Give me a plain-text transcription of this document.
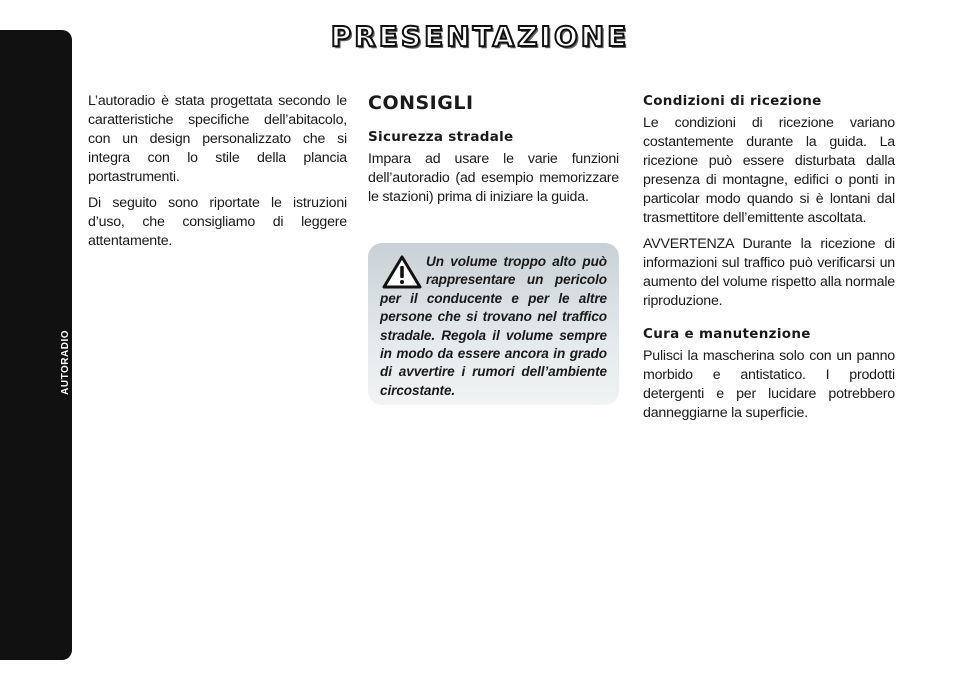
AUTORADIO
248
PRESENTAZIONE

L’autoradio è stata progettata secondo le caratteristiche specifiche dell’abitacolo, con un design personalizzato che si integra con lo stile della plancia portastrumenti.

Di seguito sono riportate le istruzioni d’uso, che consigliamo di leggere attentamente.

CONSIGLI
Sicurezza stradale

Impara ad usare le varie funzioni dell’autoradio (ad esempio memorizzare le stazioni) prima di iniziare la guida.

Un volume troppo alto può rappresentare un pericolo per il conducente e per le altre persone che si trovano nel traffico stradale. Regola il volume sempre in modo da essere ancora in grado di avvertire i rumori dell’ambiente circostante.
Condizioni di ricezione

Le condizioni di ricezione variano costantemente durante la guida. La ricezione può essere disturbata dalla presenza di montagne, edifici o ponti in particolar modo quando si è lontani dal trasmettitore dell’emittente ascoltata.

AVVERTENZA Durante la ricezione di informazioni sul traffico può verificarsi un aumento del volume rispetto alla normale riproduzione.

Cura e manutenzione

Pulisci la mascherina solo con un panno morbido e antistatico. I prodotti detergenti e per lucidare potrebbero danneggiarne la superficie.
